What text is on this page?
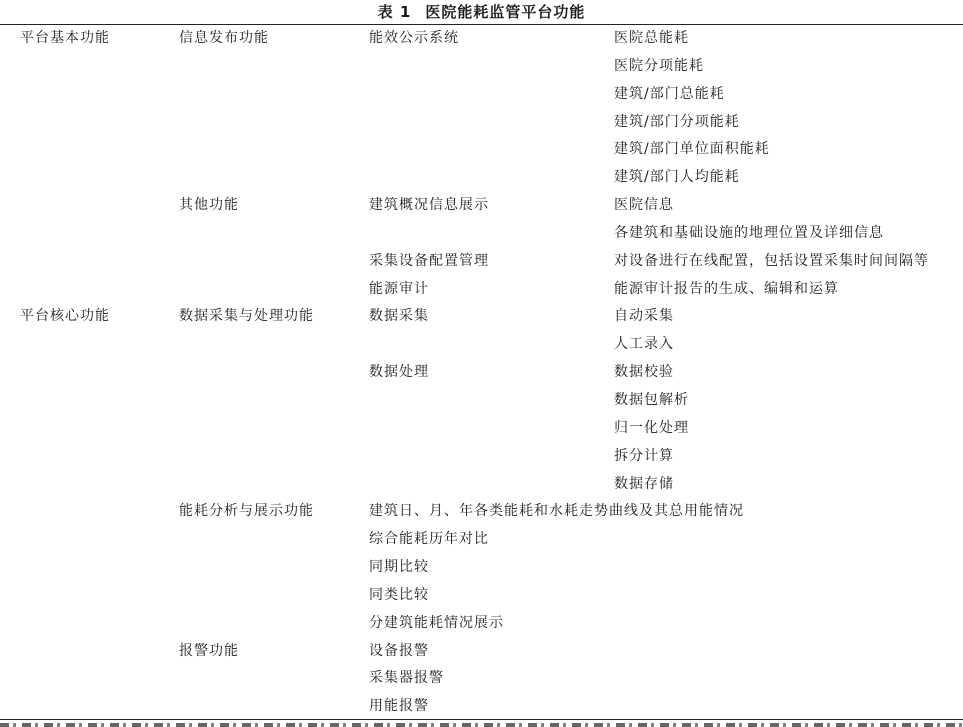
表 1 医院能耗监管平台功能
平台基本功能	信息发布功能	能效公示系统	医院总能耗
			医院分项能耗
			建筑/部门总能耗
			建筑/部门分项能耗
			建筑/部门单位面积能耗
			建筑/部门人均能耗
	其他功能	建筑概况信息展示	医院信息
			各建筑和基础设施的地理位置及详细信息
		采集设备配置管理	对设备进行在线配置，包括设置采集时间间隔等
		能源审计	能源审计报告的生成、编辑和运算
平台核心功能	数据采集与处理功能	数据采集	自动采集
			人工录入
		数据处理	数据校验
			数据包解析
			归一化处理
			拆分计算
			数据存储
	能耗分析与展示功能	建筑日、月、年各类能耗和水耗走势曲线及其总用能情况	
		综合能耗历年对比	
		同期比较	
		同类比较	
		分建筑能耗情况展示	
	报警功能	设备报警	
		采集器报警	
		用能报警	
